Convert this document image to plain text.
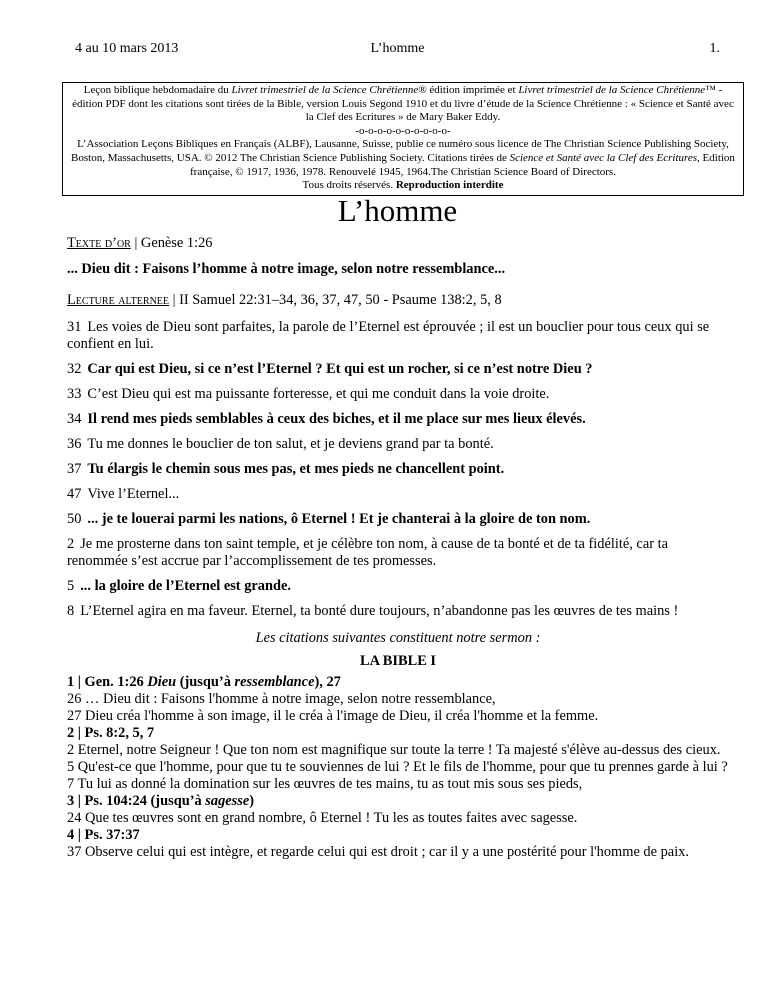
4 au 10 mars 2013	L’homme	1.
Leçon biblique hebdomadaire du Livret trimestriel de la Science Chrétienne® édition imprimée et Livret trimestriel de la Science Chrétienne™ - édition PDF dont les citations sont tirées de la Bible, version Louis Segond 1910 et du livre d’étude de la Science Chrétienne : « Science et Santé avec la Clef des Ecritures » de Mary Baker Eddy.
-o-o-o-o-o-o-o-o-o-o-
L’Association Leçons Bibliques en Français (ALBF), Lausanne, Suisse, publie ce numéro sous licence de The Christian Science Publishing Society, Boston, Massachusetts, USA. © 2012 The Christian Science Publishing Society. Citations tirées de Science et Santé avec la Clef des Ecritures, Edition française, © 1917, 1936, 1978. Renouvelé 1945, 1964.The Christian Science Board of Directors.
Tous droits réservés. Reproduction interdite
L’homme

Texte d’or | Genèse 1:26

... Dieu dit : Faisons l’homme à notre image, selon notre ressemblance...

Lecture alternee | II Samuel 22:31–34, 36, 37, 47, 50 - Psaume 138:2, 5, 8

31 Les voies de Dieu sont parfaites, la parole de l’Eternel est éprouvée ; il est un bouclier pour tous ceux qui se confient en lui.

32 Car qui est Dieu, si ce n’est l’Eternel ? Et qui est un rocher, si ce n’est notre Dieu ?

33 C’est Dieu qui est ma puissante forteresse, et qui me conduit dans la voie droite.

34 Il rend mes pieds semblables à ceux des biches, et il me place sur mes lieux élevés.

36 Tu me donnes le bouclier de ton salut, et je deviens grand par ta bonté.

37 Tu élargis le chemin sous mes pas, et mes pieds ne chancellent point.

47 Vive l’Eternel...

50 ... je te louerai parmi les nations, ô Eternel ! Et je chanterai à la gloire de ton nom.

2 Je me prosterne dans ton saint temple, et je célèbre ton nom, à cause de ta bonté et de ta fidélité, car ta renommée s’est accrue par l’accomplissement de tes promesses.

5 ... la gloire de l’Eternel est grande.

8 L’Eternel agira en ma faveur. Eternel, ta bonté dure toujours, n’abandonne pas les œuvres de tes mains !

Les citations suivantes constituent notre sermon :

LA BIBLE I

1 | Gen. 1:26 Dieu (jusqu’à ressemblance), 27

26 … Dieu dit : Faisons l'homme à notre image, selon notre ressemblance,

27 Dieu créa l'homme à son image, il le créa à l'image de Dieu, il créa l'homme et la femme.

2 | Ps. 8:2, 5, 7

2 Eternel, notre Seigneur ! Que ton nom est magnifique sur toute la terre ! Ta majesté s'élève au-dessus des cieux.

5 Qu'est-ce que l'homme, pour que tu te souviennes de lui ? Et le fils de l'homme, pour que tu prennes garde à lui ?

7 Tu lui as donné la domination sur les œuvres de tes mains, tu as tout mis sous ses pieds,

3 | Ps. 104:24 (jusqu’à sagesse)

24 Que tes œuvres sont en grand nombre, ô Eternel ! Tu les as toutes faites avec sagesse.

4 | Ps. 37:37

37 Observe celui qui est intègre, et regarde celui qui est droit ; car il y a une postérité pour l'homme de paix.
